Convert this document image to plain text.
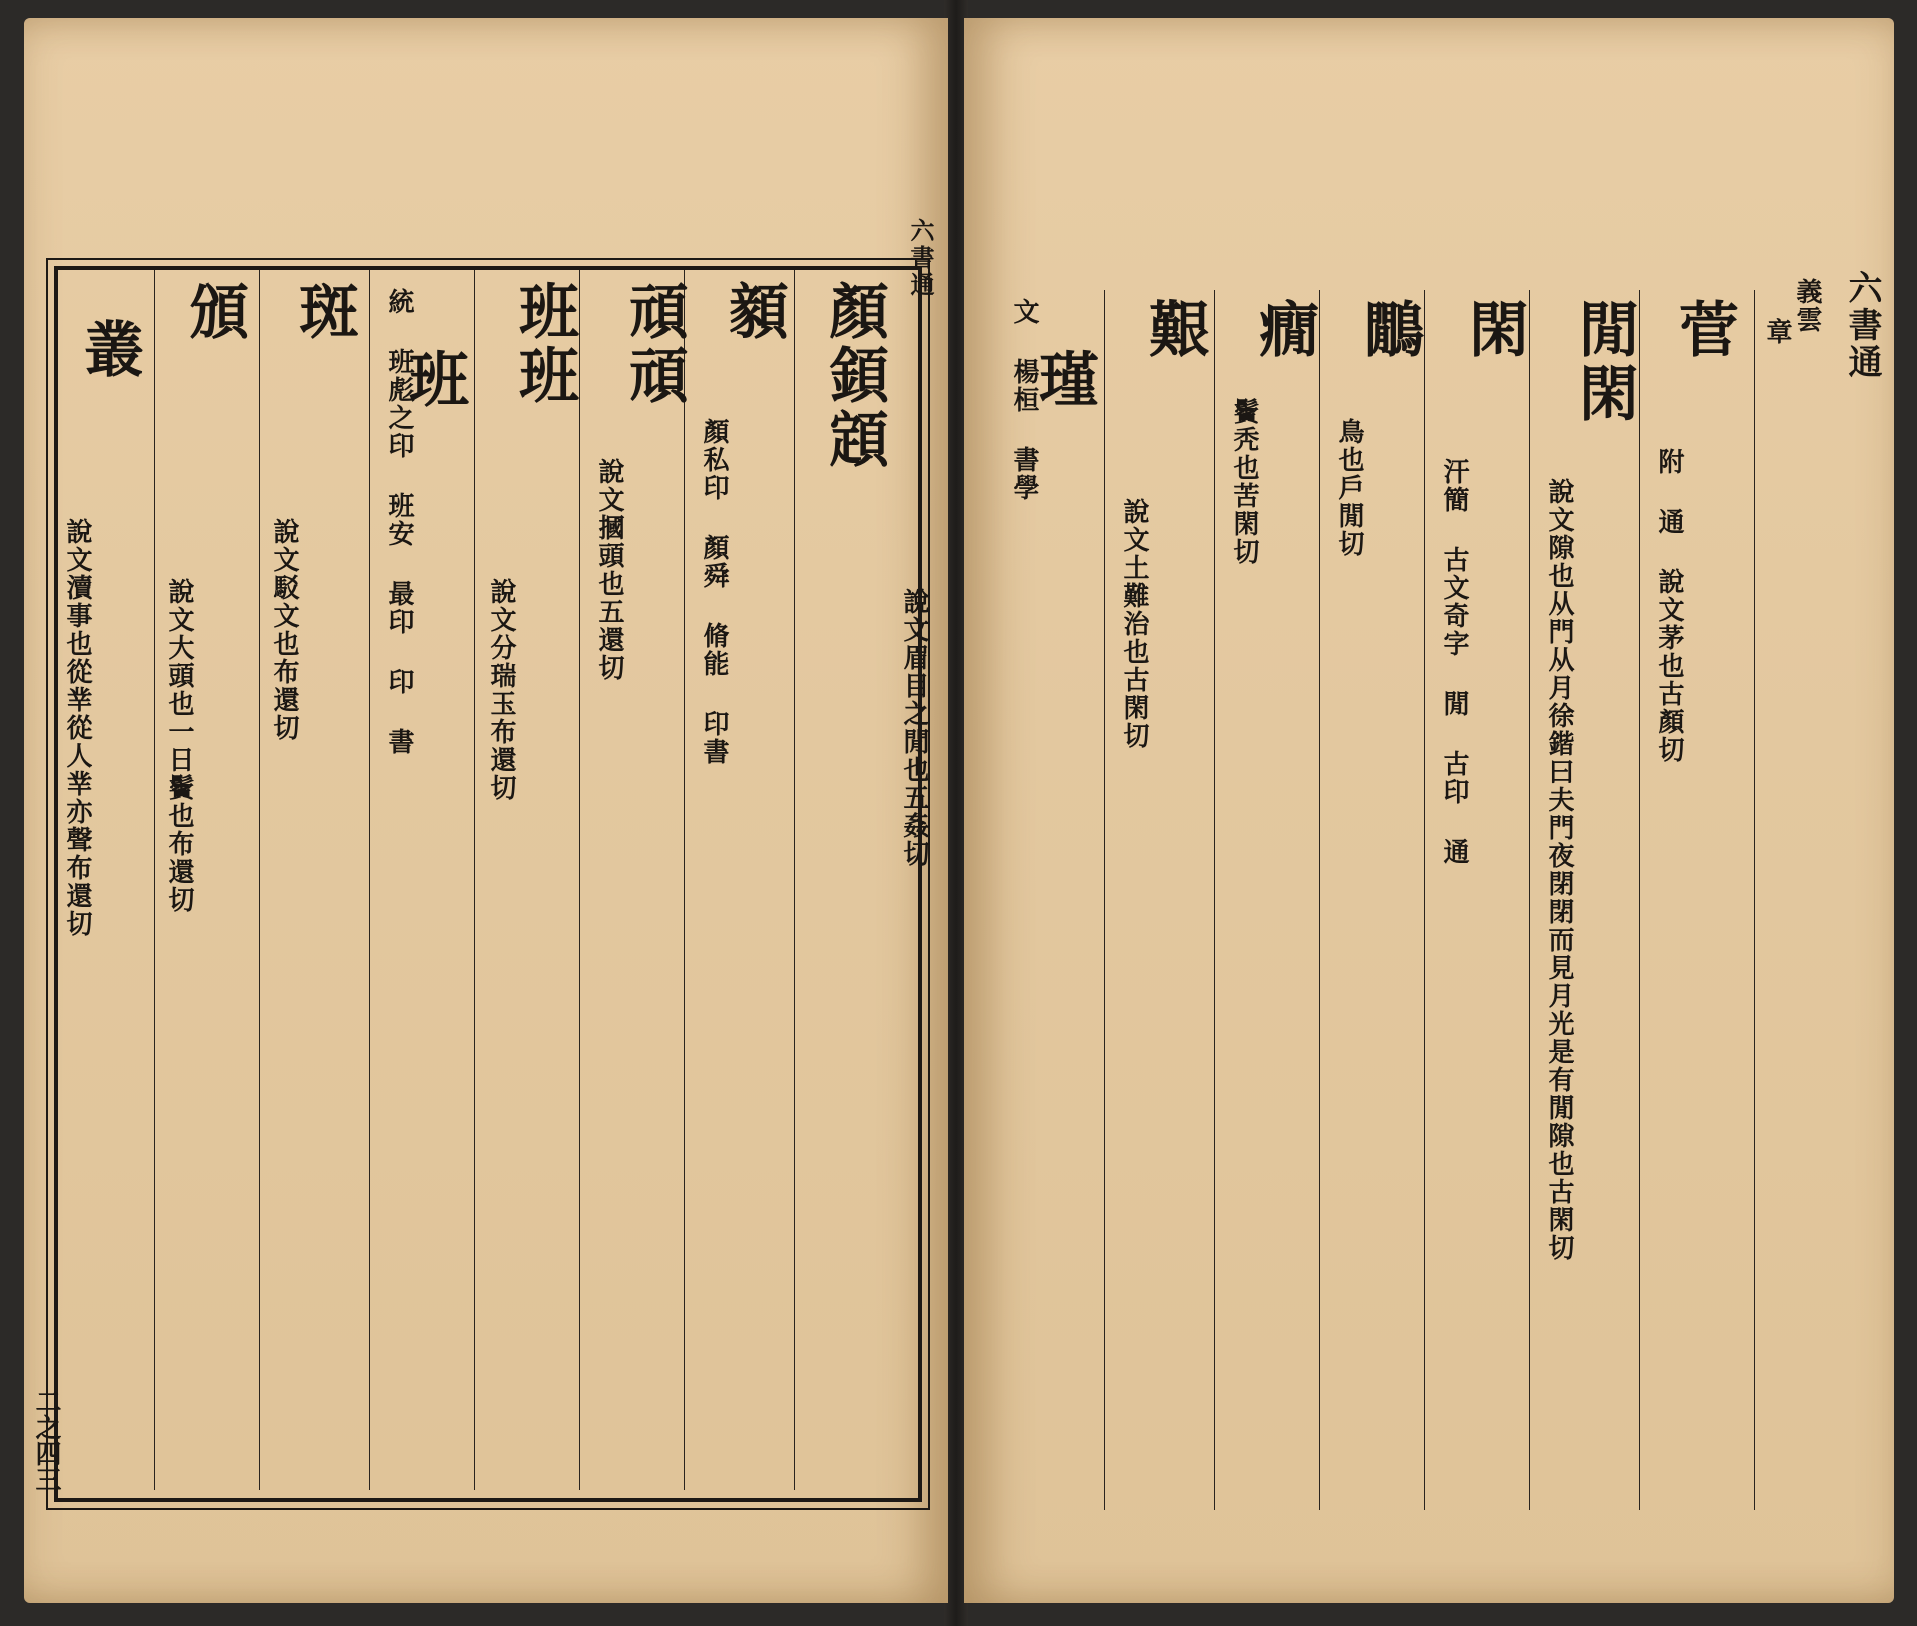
顏顉顁
說文眉目之閒也五姦切
顡
顏私印 顏舜 脩能 印書
頑頑
說文摑頭也五還切
班班
說文分瑞玉布還切
班
統 班彪之印 班安 最印 印 書
斑
說文駁文也布還切
頒
說文大頭也一日鬢也布還切
叢
說文瀆事也從丵從人丵亦聲布還切
二之四三
六書通
六書通
義雲
章
菅
附 通 說文茅也古顏切
閒閑
說文隙也从門从月徐鍇曰夫門夜閉閉而見月光是有閒隙也古閑切
閑
汗簡 古文奇字 閒 古印 通
鷳
鳥也戶閒切
癇
鬢秃也苦閑切
艱
說文土難治也古閑切
瑾
文 楊桓 書學
